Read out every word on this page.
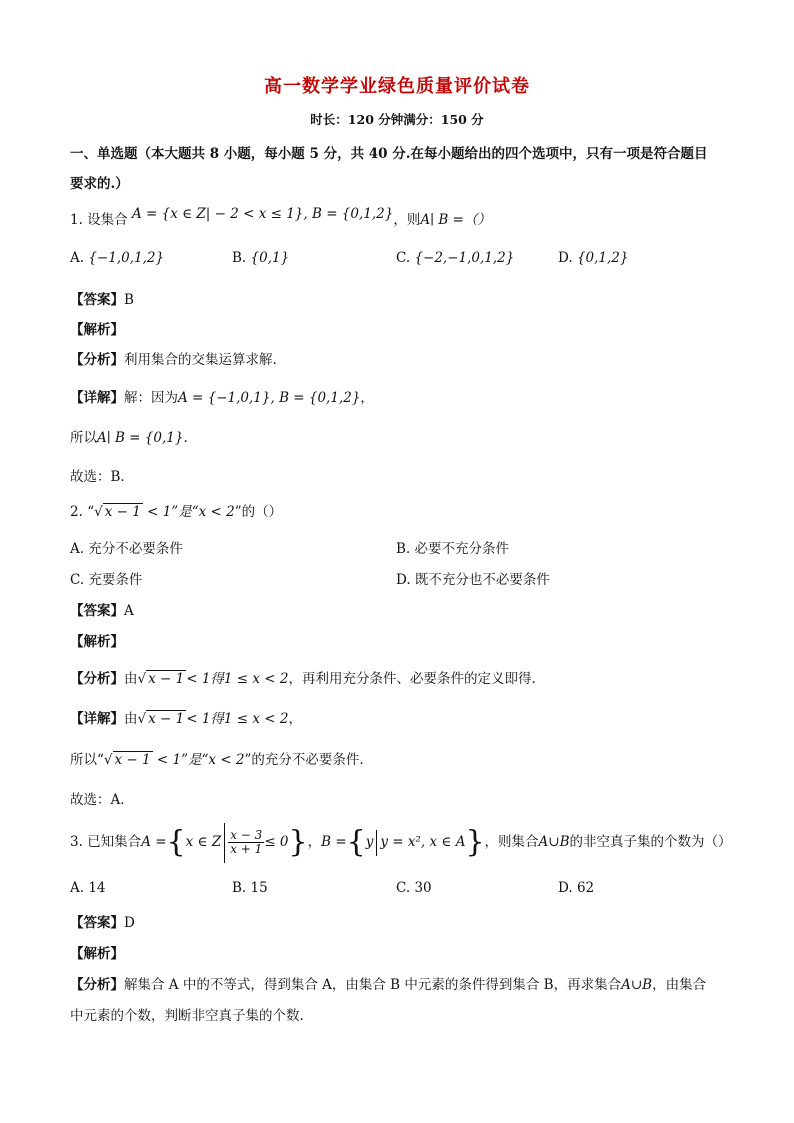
高一数学学业绿色质量评价试卷
时长：120 分钟满分：150 分
一、单选题（本大题共 8 小题，每小题 5 分，共 40 分.在每小题给出的四个选项中，只有一项是符合题目
要求的.）
1. 设集合 A = {x ∈ Z| − 2 < x ≤ 1}, B = {0,1,2}，则A∣ B =（）
A. {−1,0,1,2}	B. {0,1}	C. {−2,−1,0,1,2}	D. {0,1,2}
【答案】B
【解析】
【分析】利用集合的交集运算求解.
【详解】解：因为A = {−1,0,1}, B = {0,1,2}，
所以A∣ B = {0,1}.
故选：B.
2. “√ x − 1 < 1”是“x < 2”的（）
A. 充分不必要条件	B. 必要不充分条件
C. 充要条件	D. 既不充分也不必要条件
【答案】A
【解析】
【分析】由√ x − 1 < 1得1 ≤ x < 2，再利用充分条件、必要条件的定义即得.
【详解】由√ x − 1 < 1得1 ≤ x < 2，
所以“√ x − 1 < 1”是“x < 2”的充分不必要条件.
故选：A．
3. 已知集合A ={x ∈ Z $\frac{x - 3}{x + 1} \le 0$}，B ={y y = x², x ∈ A}，则集合A∪B的非空真子集的个数为（）
A. 14	B. 15	C. 30	D. 62
【答案】D
【解析】
【分析】解集合 A 中的不等式，得到集合 A，由集合 B 中元素的条件得到集合 B，再求集合A∪B，由集合
中元素的个数，判断非空真子集的个数.
